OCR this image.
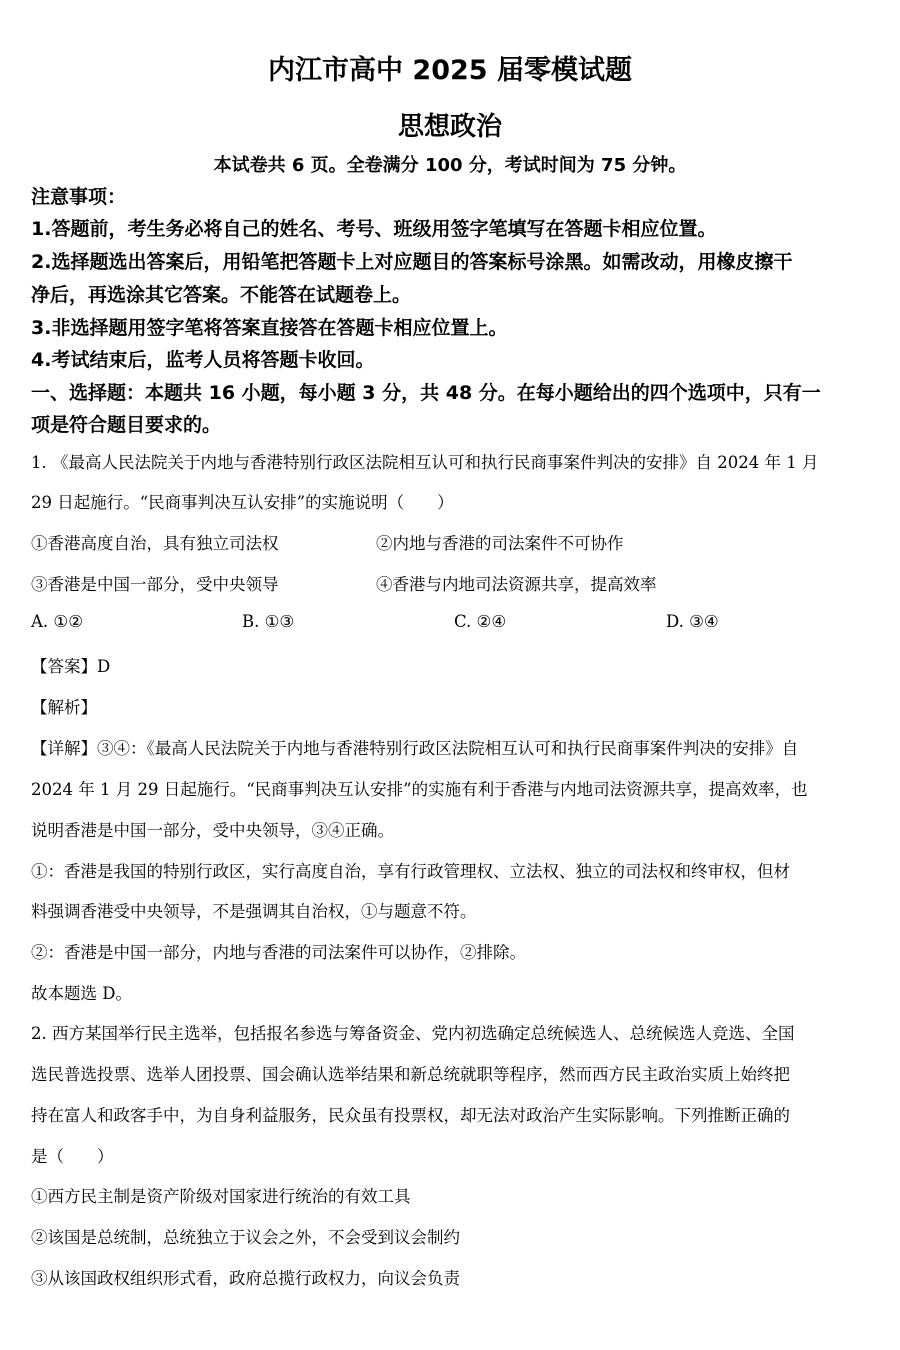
内江市高中 2025 届零模试题
思想政治
本试卷共 6 页。全卷满分 100 分，考试时间为 75 分钟。
注意事项：
1.答题前，考生务必将自己的姓名、考号、班级用签字笔填写在答题卡相应位置。
2.选择题选出答案后，用铅笔把答题卡上对应题目的答案标号涂黑。如需改动，用橡皮擦干
净后，再选涂其它答案。不能答在试题卷上。
3.非选择题用签字笔将答案直接答在答题卡相应位置上。
4.考试结束后，监考人员将答题卡收回。
一、选择题：本题共 16 小题，每小题 3 分，共 48 分。在每小题给出的四个选项中，只有一
项是符合题目要求的。
1. 《最高人民法院关于内地与香港特别行政区法院相互认可和执行民商事案件判决的安排》自 2024 年 1 月
29 日起施行。“民商事判决互认安排”的实施说明（　　）
①香港高度自治，具有独立司法权	②内地与香港的司法案件不可协作
③香港是中国一部分，受中央领导	④香港与内地司法资源共享，提高效率
A. ①②	B. ①③	C. ②④	D. ③④
【答案】D
【解析】
【详解】③④：《最高人民法院关于内地与香港特别行政区法院相互认可和执行民商事案件判决的安排》自
2024 年 1 月 29 日起施行。“民商事判决互认安排”的实施有利于香港与内地司法资源共享，提高效率，也
说明香港是中国一部分，受中央领导，③④正确。
①：香港是我国的特别行政区，实行高度自治，享有行政管理权、立法权、独立的司法权和终审权，但材
料强调香港受中央领导，不是强调其自治权，①与题意不符。
②：香港是中国一部分，内地与香港的司法案件可以协作，②排除。
故本题选 D。
2. 西方某国举行民主选举，包括报名参选与筹备资金、党内初选确定总统候选人、总统候选人竞选、全国
选民普选投票、选举人团投票、国会确认选举结果和新总统就职等程序，然而西方民主政治实质上始终把
持在富人和政客手中，为自身利益服务，民众虽有投票权，却无法对政治产生实际影响。下列推断正确的
是（　　）
①西方民主制是资产阶级对国家进行统治的有效工具
②该国是总统制，总统独立于议会之外，不会受到议会制约
③从该国政权组织形式看，政府总揽行政权力，向议会负责
